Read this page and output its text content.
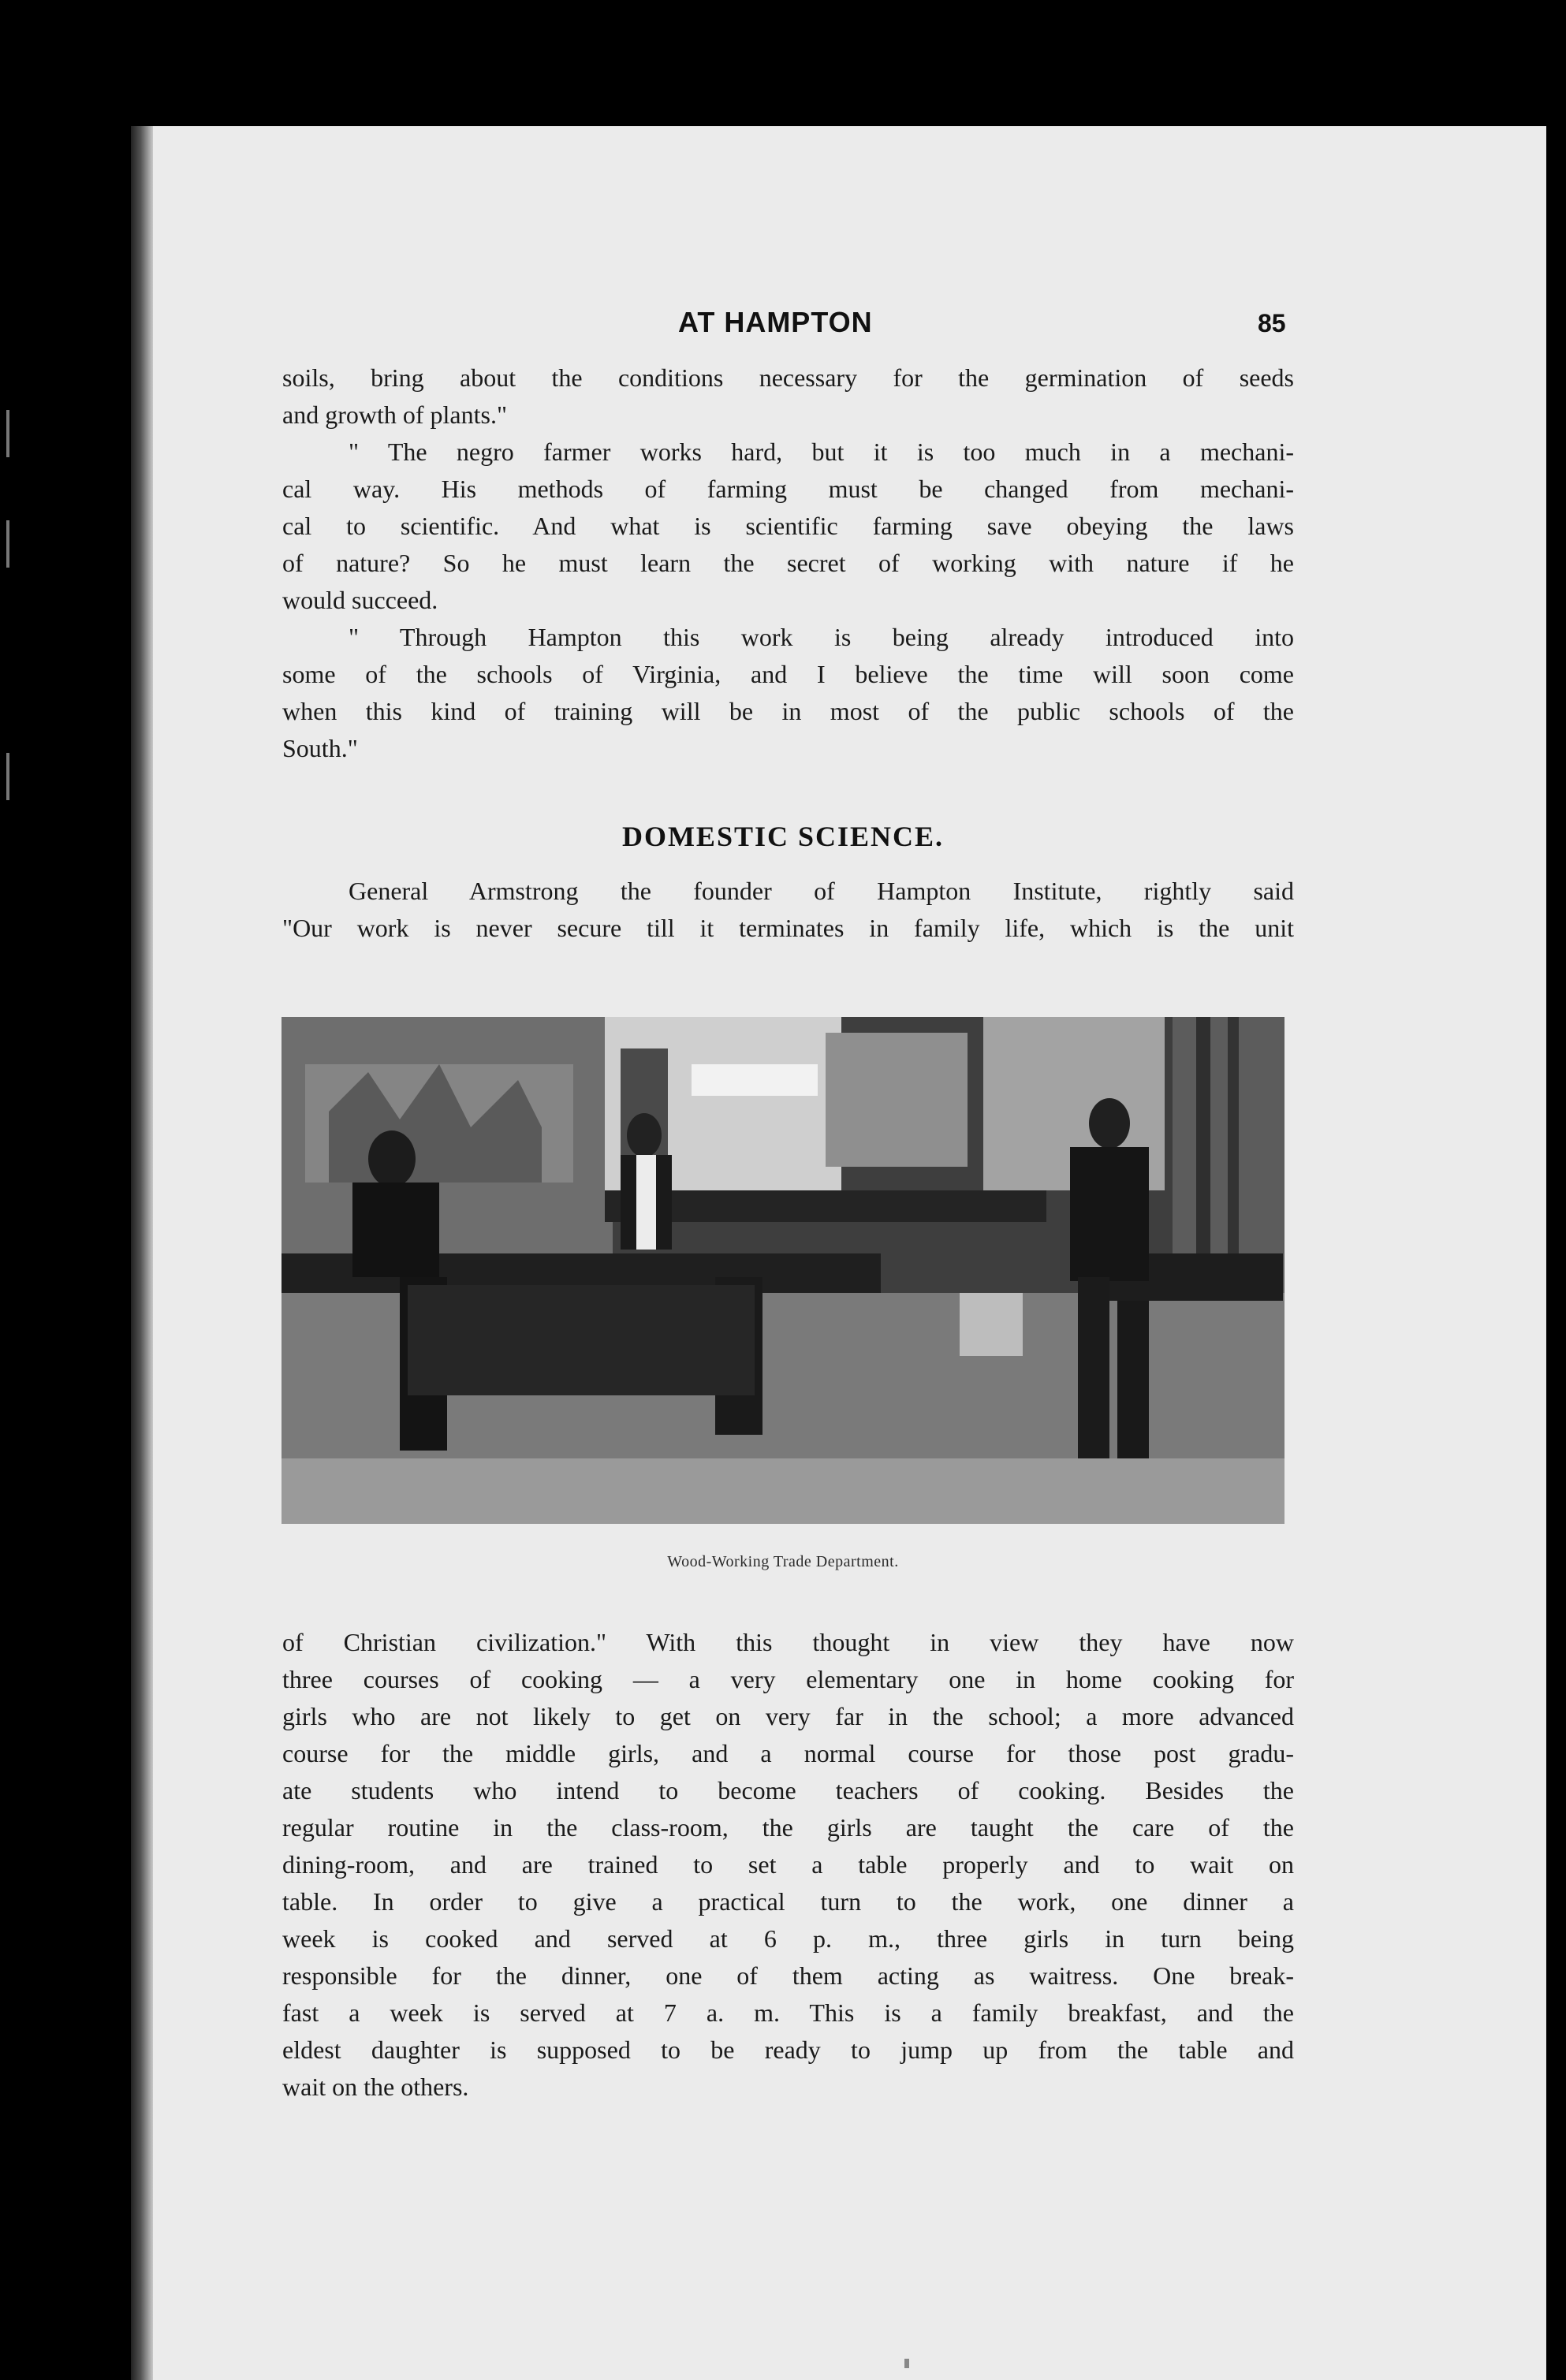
AT HAMPTON	85
soils, bring about the conditions necessary for the germination of seeds
and growth of plants."
" The negro farmer works hard, but it is too much in a mechani-
cal way. His methods of farming must be changed from mechani-
cal to scientific. And what is scientific farming save obeying the laws
of nature? So he must learn the secret of working with nature if he
would succeed.
" Through Hampton this work is being already introduced into
some of the schools of Virginia, and I believe the time will soon come
when this kind of training will be in most of the public schools of the
South."
DOMESTIC SCIENCE.
General Armstrong the founder of Hampton Institute, rightly said
"Our work is never secure till it terminates in family life, which is the unit
Wood-Working Trade Department.
of Christian civilization." With this thought in view they have now
three courses of cooking — a very elementary one in home cooking for
girls who are not likely to get on very far in the school; a more advanced
course for the middle girls, and a normal course for those post gradu-
ate students who intend to become teachers of cooking. Besides the
regular routine in the class-room, the girls are taught the care of the
dining-room, and are trained to set a table properly and to wait on
table. In order to give a practical turn to the work, one dinner a
week is cooked and served at 6 p. m., three girls in turn being
responsible for the dinner, one of them acting as waitress. One break-
fast a week is served at 7 a. m. This is a family breakfast, and the
eldest daughter is supposed to be ready to jump up from the table and
wait on the others.
